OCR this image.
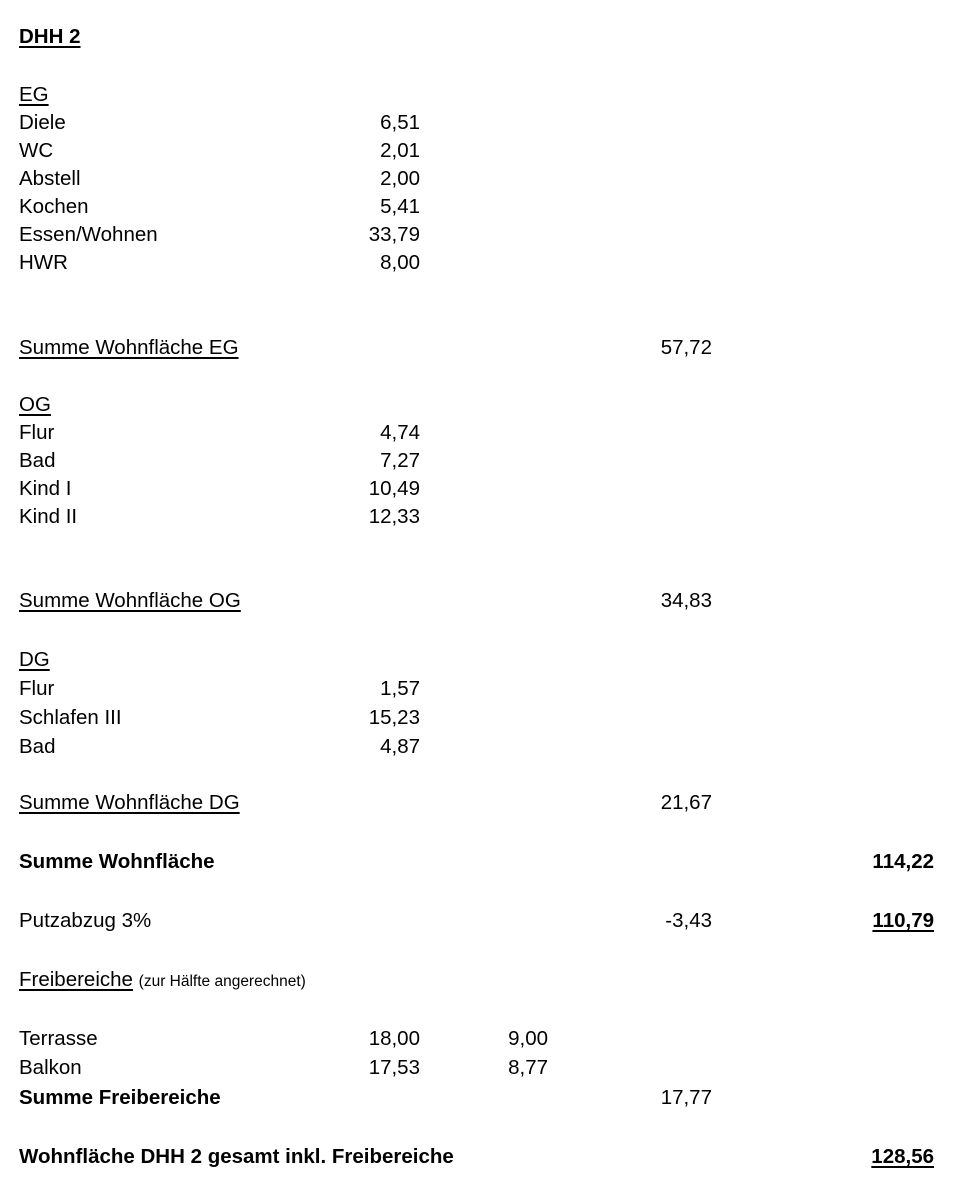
DHH 2
EG
Diele	6,51
WC	2,01
Abstell	2,00
Kochen	5,41
Essen/Wohnen	33,79
HWR	8,00
Summe Wohnfläche EG	57,72
OG
Flur	4,74
Bad	7,27
Kind I	10,49
Kind II	12,33
Summe Wohnfläche OG	34,83
DG
Flur	1,57
Schlafen III	15,23
Bad	4,87
Summe Wohnfläche DG	21,67
Summe Wohnfläche	114,22
Putzabzug 3%	-3,43	110,79
Freibereiche (zur Hälfte angerechnet)
Terrasse	18,00	9,00
Balkon	17,53	8,77
Summe Freibereiche	17,77
Wohnfläche DHH 2 gesamt inkl. Freibereiche	128,56
